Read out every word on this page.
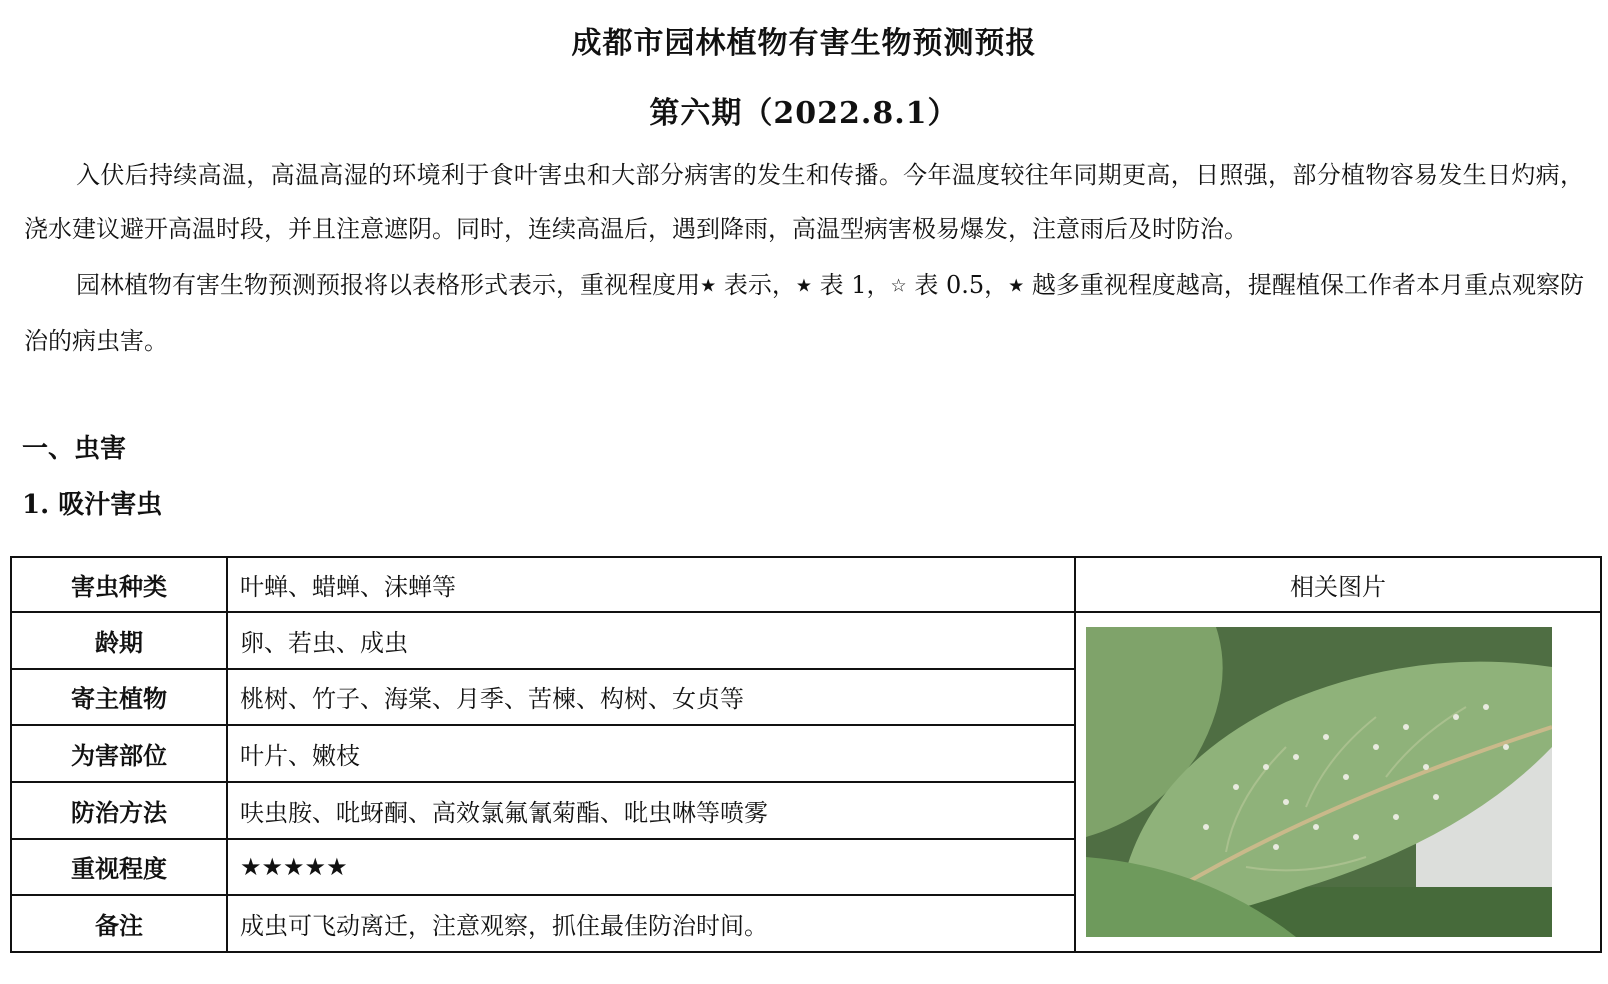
成都市园林植物有害生物预测预报
第六期（2022.8.1）

入伏后持续高温，高温高湿的环境利于食叶害虫和大部分病害的发生和传播。今年温度较往年同期更高，日照强，部分植物容易发生日灼病，浇水建议避开高温时段，并且注意遮阴。同时，连续高温后，遇到降雨，高温型病害极易爆发，注意雨后及时防治。

园林植物有害生物预测预报将以表格形式表示，重视程度用★ 表示，★ 表 1，☆ 表 0.5，★ 越多重视程度越高，提醒植保工作者本月重点观察防治的病虫害。

一、虫害
1. 吸汁害虫
害虫种类	叶蝉、蜡蝉、沫蝉等	相关图片
龄期	卵、若虫、成虫	

寄主植物	桃树、竹子、海棠、月季、苦楝、构树、女贞等	
为害部位	叶片、嫩枝	
防治方法	呋虫胺、吡蚜酮、高效氯氟氰菊酯、吡虫啉等喷雾	
重视程度	★★★★★	
备注	成虫可飞动离迁，注意观察，抓住最佳防治时间。	
